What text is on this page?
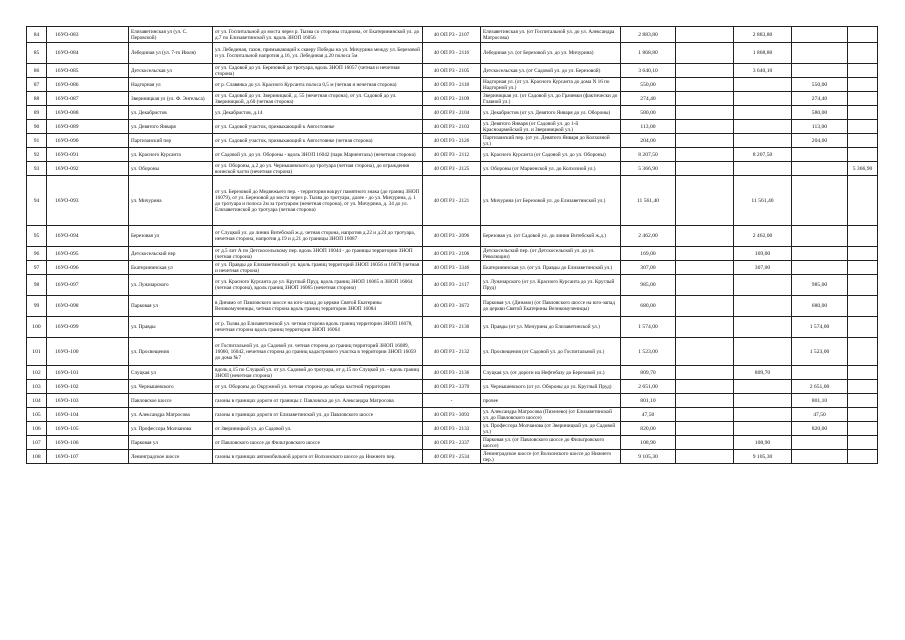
84	16УО-083	Елизаветинская ул (ул. С. Перовской)	от ул. Госпитальной до моста через р. Тызва со стороны стадиона, от Екатерининской ул. до д.7 по Елизаветинской ул. вдоль ЗНОП 16056	40 ОП РЗ - 2107	Елизаветинская ул. (от Госпитальной ул. до ул. Александра Матросова)	2 883,80		2 883,80		
85	16УО-084	Лебединая ул (ул. 7-го Июля)	ул. Лебединая, газон, примыкающий к скверу Победы на ул. Мичурина между ул. Березовой и ул. Госпитальной напротив д.16, ул. Лебединая д.20 полоса 5м	40 ОП РЗ - 2116	Лебединая ул. (от Березовой ул. до ул. Мичурина)	1 868,80		1 868,80		
86	16УО-085	Детскосельская ул	от ул. Садовой до ул. Березовой до тротуара, вдоль ЗНОП 16057 (четная и нечетная сторона)	40 ОП РЗ - 2105	Детскосельская ул. (от Садовой ул. до ул. Березовой)	3 640,10		3 640,10		
87	16УО-086	Надгорная ул	от р. Славянка до ул. Красного Курсанта полоса 0,5 м (четная и нечетная сторона)	40 ОП РЗ - 2118	Надгорная ул. (от ул. Красного Курсанта до дома N 16 по Надгорной ул.)	550,00			550,00	
88	16УО-087	Звериницкая ул (ул. Ф. Энгельса)	от ул. Садовой до ул. Звериницкой, д. 55 (нечетная сторона), от ул. Садовой до ул. Звериницкой, д.60 (четная сторона)	40 ОП РЗ - 2109	Звериницкая ул. (от Садовой ул. до Грачевки (фактически до Главной ул.)	274,40			274,40	
89	16УО-088	ул. Декабристов	ул. Декабристов, д.14	40 ОП РЗ - 2104	ул. Декабристов (от ул. Девятого Января до ул. Обороны)	580,00			580,00	
90	16УО-089	ул. Девятого Января	от ул. Садовой участок, примыкающий к Автостоянке	40 ОП РЗ - 2103	ул. Девятого Января (от Садовой ул. до 1-й Красноармейской ул. и Звериницкой ул.)	113,00			113,00	
91	16УО-090	Партизанский пер	от ул. Садовой участок, примыкающий к Автостоянке (четная сторона)	40 ОП РЗ - 2126	Партизанский пер. (от ул. Девятого Января до Колхозной ул.)	204,00			204,00	
92	16УО-091	ул. Красного Курсанта	от Садовой ул. до ул. Обороны - вдоль ЗНОП 16042 (парк Мариенталь) (нечетная сторона)	40 ОП РЗ - 2112	ул. Красного Курсанта (от Садовой ул. до ул. Обороны)	8 207,50		8 207,50		
93	16УО-092	ул. Обороны	от ул. Обороны, д.2 до ул. Чернышевского до тротуара (четная сторона), до ограждения воинской части (нечетная сторона)	40 ОП РЗ - 2125	ул. Обороны (от Мариенской ул. до Колхозной ул.)	5 366,90				5 366,90
94	16УО-093	ул. Мичурина	от ул. Березовой до Медвежьего пер. - территория вокруг памятного знака (до границ ЗНОП 16079), от ул. Березовой до моста через р. Тызва до тротуара, далее - до ул. Мичурина, д. 1 до тротуара и полоса 2м за тротуаром (нечетная сторона), от ул. Мичурина, д. 34 до ул. Елизаветинской до тротуара (четная сторона)	40 ОП РЗ - 2121	ул. Мичурина (от Березовой ул. до Елизаветинской ул.)	11 561,40		11 561,40		
95	16УО-094	Березовая ул	от Слуцкой ул. до линии Витебской ж.д. четная сторона, напротив д.22 и д.24 до тротуара, нечетная сторона, напротив д.19 и д.21 до границы ЗНОП 16087	40 ОП РЗ - 2096	Березовая ул. (от Садовой ул. до линии Витебской ж.д.)	2 462,00		2 462,00		
96	16УО-095	Детскосельский пер	от д.5 лит А по Детскосельскому пер. вдоль ЗНОП 16044 - до границы территории ЗНОП (четная сторона)	40 ОП РЗ - 2106	Детскосельский пер. (от Детскосельской ул. до ул. Революции)	169,00		169,00		
97	16УО-096	Екатерининская ул	от ул. Правды до Елизаветинской ул. вдоль границ территорий ЗНОП 16056 и 16078 (четная и нечетная сторона)	40 ОП РЗ - 3346	Екатерининская ул. (от ул. Правды до Елизаветинской ул.)	307,00		307,00		
98	16УО-097	ул. Луначарского	от ул. Красного Курсанта до ул. Круглый Пруд, вдоль границ ЗНОП 16065 и ЗНОП 16064 (четная сторона), вдоль границ ЗНОП 16065 (нечетная сторона)	40 ОП РЗ - 2117	ул. Луначарского (от ул. Красного Курсанта до ул. Круглый Пруд)	985,00			985,00	
99	16УО-098	Парковая ул	в Динамо от Павловского шоссе на юго-запад до церкви Святой Екатерины Великомученицы, четная сторона вдоль границ территории ЗНОП 16084	40 ОП РЗ - 3672	Парковая ул. (Динамо) (от Павловского шоссе на юго-запад до церкви Святой Екатерины Великомученицы)	680,00			680,00	
100	16УО-099	ул. Правды	от р. Тызва до Елизаветинской ул. четная сторона вдоль границ территории ЗНОП 16078, нечетная сторона вдоль границ территории ЗНОП 16064	40 ОП РЗ - 2130	ул. Правды (от ул. Мичурина до Елизаветинской ул.)	1 574,00			1 574,00	
101	16УО-100	ул. Просвещения	от Госпитальной ул. до Садовой ул. четная сторона до границ территорий ЗНОП 16089, 16060, 16042, нечетная сторона до границ кадастрового участка в территории ЗНОП 16059 до дома №7	40 ОП РЗ - 2132	ул. Просвещения (от Садовой ул. до Госпитальной ул.)	1 523,00			1 523,00	
102	16УО-101	Слуцкая ул	вдоль д.15 по Слуцкой ул. от ул. Садовой до тротуара, от д.15 по Слуцкой ул. - вдоль границ ЗНОП (нечетная сторона)	40 ОП РЗ - 2136	Слуцкая ул. (от дороги на Нефтебазу до Березовой ул.)	809,70		809,70		
103	16УО-102	ул. Чернышевского	от ул. Обороны до Окружной ул. четная сторона до забора частной территории	40 ОП РЗ - 3370	ул. Чернышевского (от ул. Обороны до ул. Круглый Пруд)	2 651,00			2 651,00	
104	16УО-103	Павловское шоссе	газоны в границах дороги от границы г. Павловска до ул. Александра Матросова	-	прочее	801,10			801,10	
105	16УО-104	ул. Александра Матросова	газоны в границах дороги от Елизаветинской ул. до Павловского шоссе	40 ОП РЗ - 3093	ул. Александра Матросова (Пизелево) (от Елизаветинской ул. до Павловского шоссе)	47,50			47,50	
106	16УО-105	ул. Профессора Молчанова	от Звериницкой ул. до Садовой ул.	40 ОП РЗ - 2133	ул. Профессора Молчанова (от Звериницкой ул. до Садовой ул.)	820,00			820,00	
107	16УО-106	Парковая ул	от Павловского шоссе до Фильтровского шоссе	40 ОП РЗ - 2337	Парковая ул. (от Павловского шоссе до Фильтровского шоссе)	108,90		108,90		
108	16УО-107	Ленинградское шоссе	газоны в границах автомобильной дороги от Волхонского шоссе до Нижнего пер.	40 ОП РЗ - 2534	Ленинградское шоссе (от Волхонского шоссе до Нижнего пер.)	9 105,30		9 105,30		
